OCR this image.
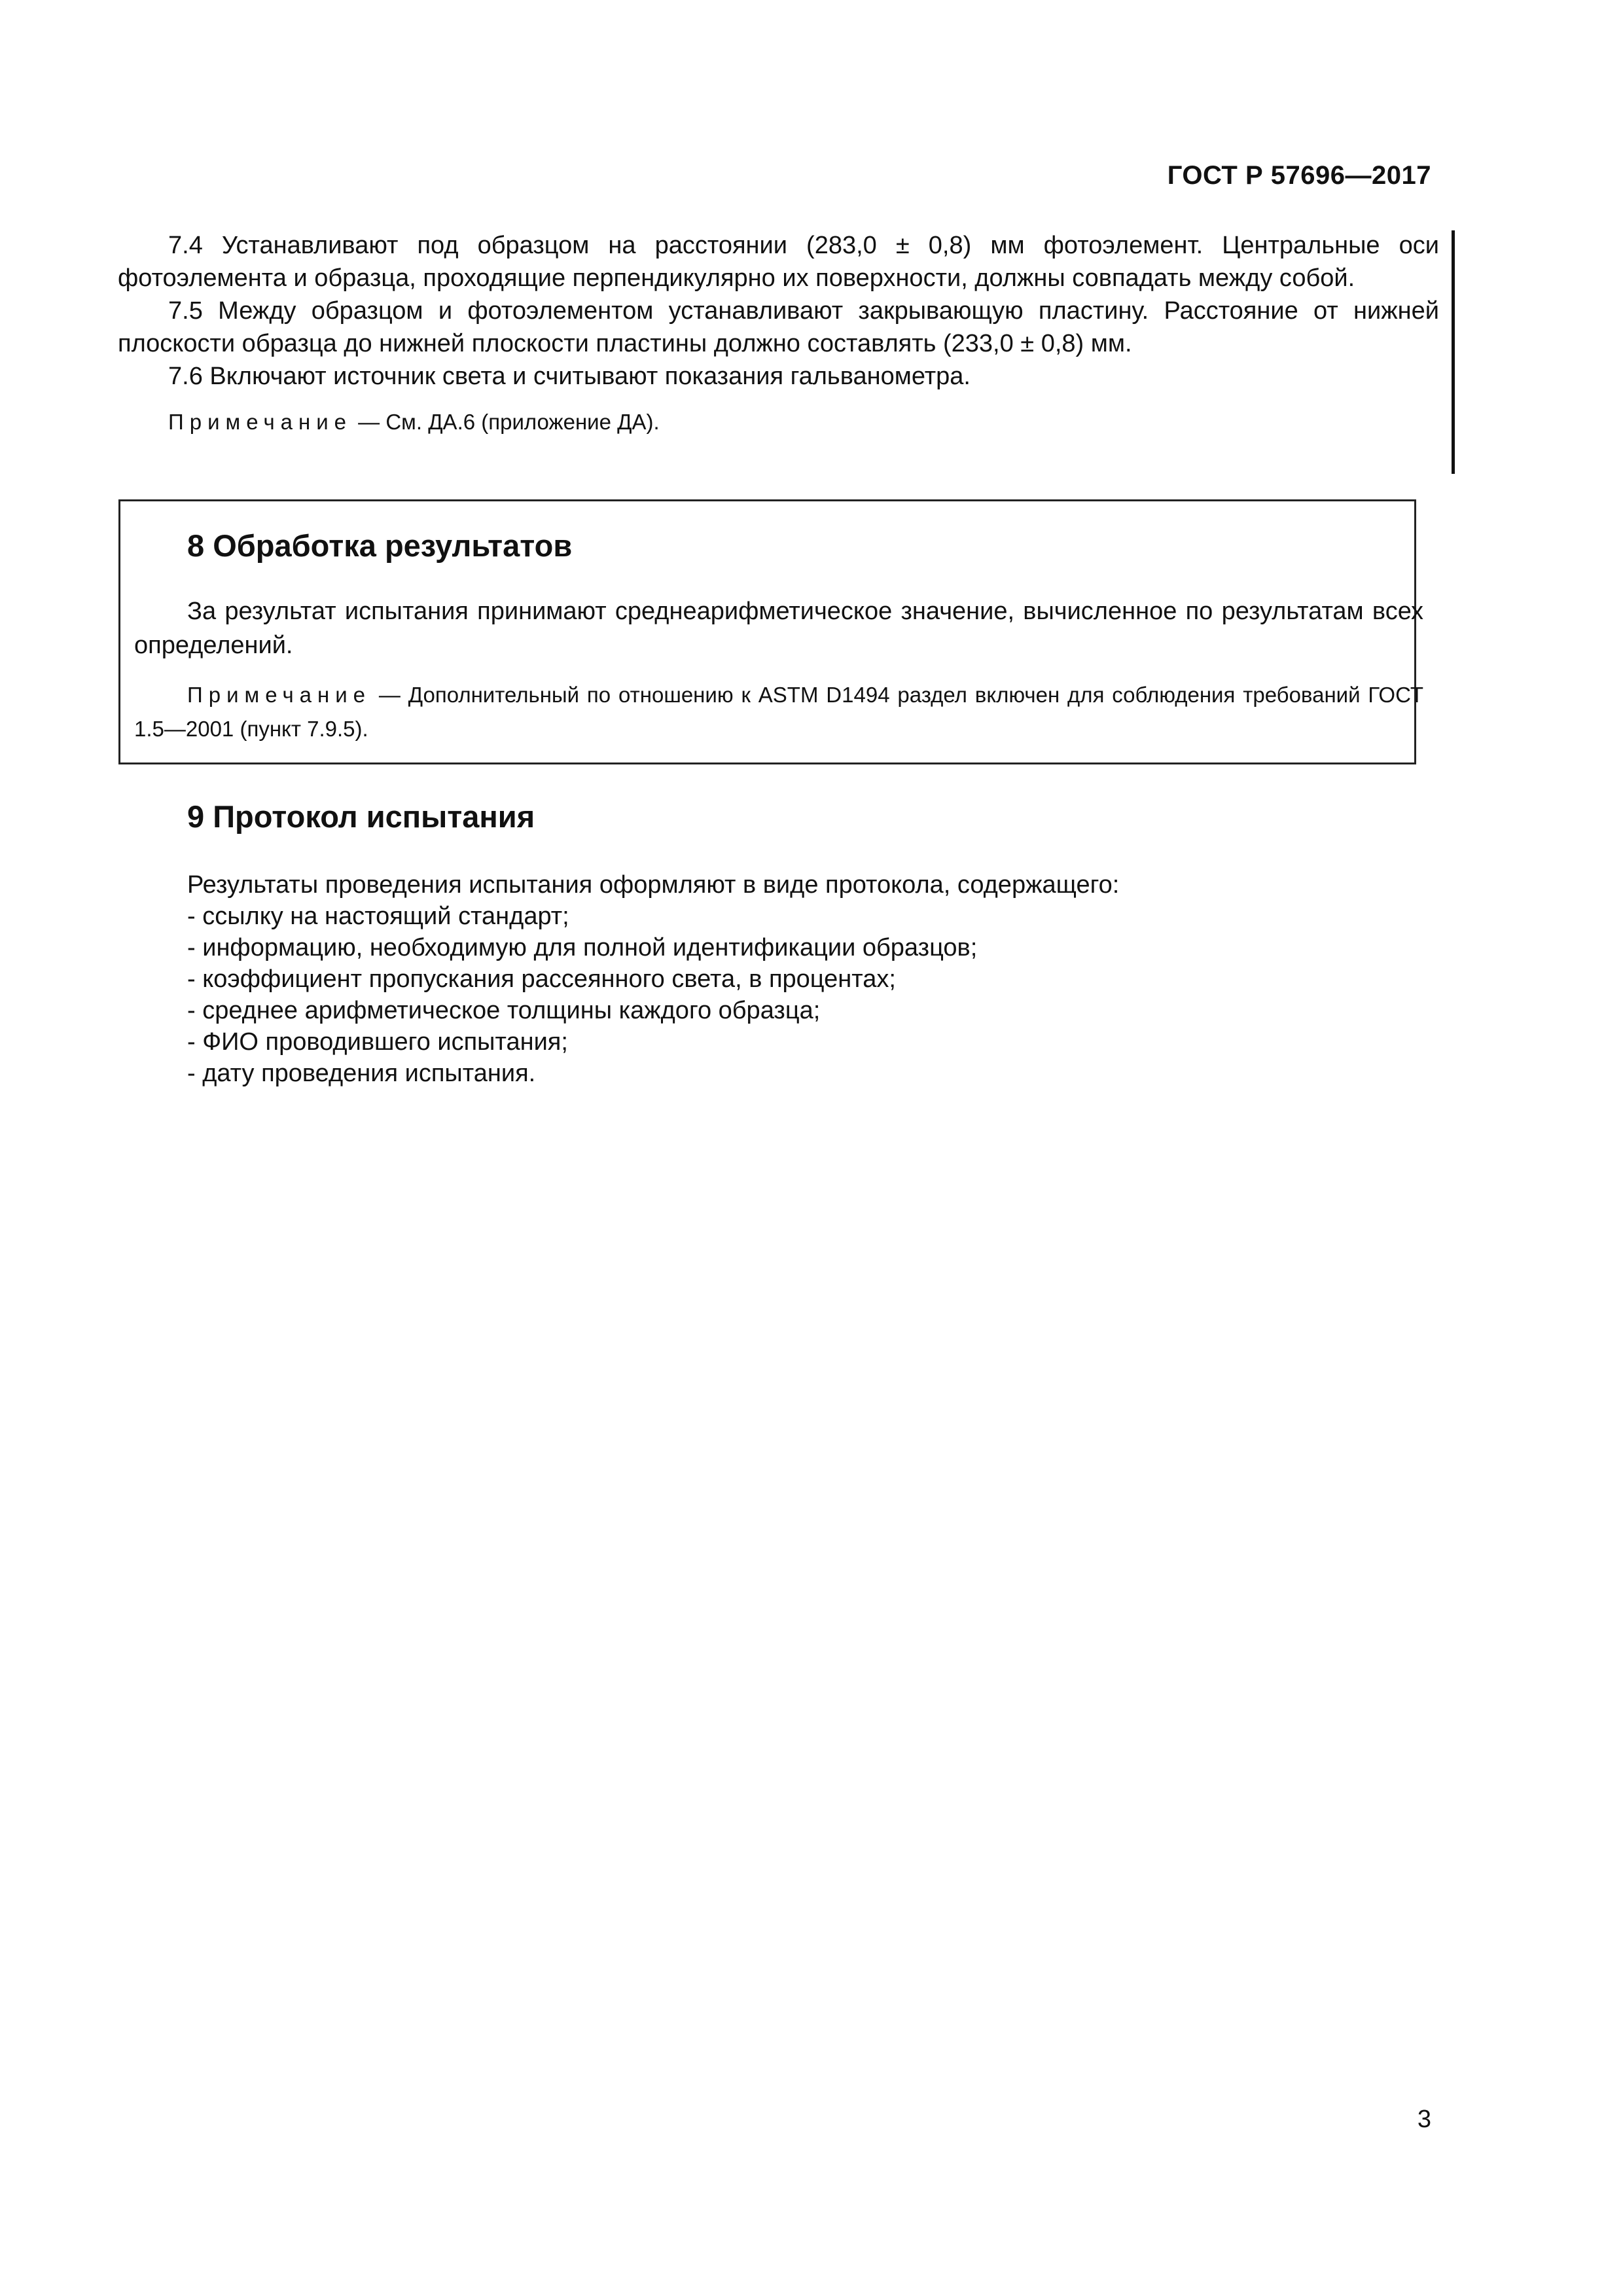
ГОСТ Р 57696—2017

7.4 Устанавливают под образцом на расстоянии (283,0 ± 0,8) мм фотоэлемент. Центральные оси фотоэлемента и образца, проходящие перпендикулярно их поверхности, должны совпадать между собой.

7.5 Между образцом и фотоэлементом устанавливают закрывающую пластину. Расстояние от нижней плоскости образца до нижней плоскости пластины должно составлять (233,0 ± 0,8) мм.

7.6 Включают источник света и считывают показания гальванометра.

Примечание — См. ДА.6 (приложение ДА).

8 Обработка результатов

За результат испытания принимают среднеарифметическое значение, вычисленное по результатам всех определений.

Примечание — Дополнительный по отношению к ASTM D1494 раздел включен для соблюдения требований ГОСТ 1.5—2001 (пункт 7.9.5).

9 Протокол испытания

Результаты проведения испытания оформляют в виде протокола, содержащего:

- ссылку на настоящий стандарт;
- информацию, необходимую для полной идентификации образцов;
- коэффициент пропускания рассеянного света, в процентах;
- среднее арифметическое толщины каждого образца;
- ФИО проводившего испытания;
- дату проведения испытания.
3
